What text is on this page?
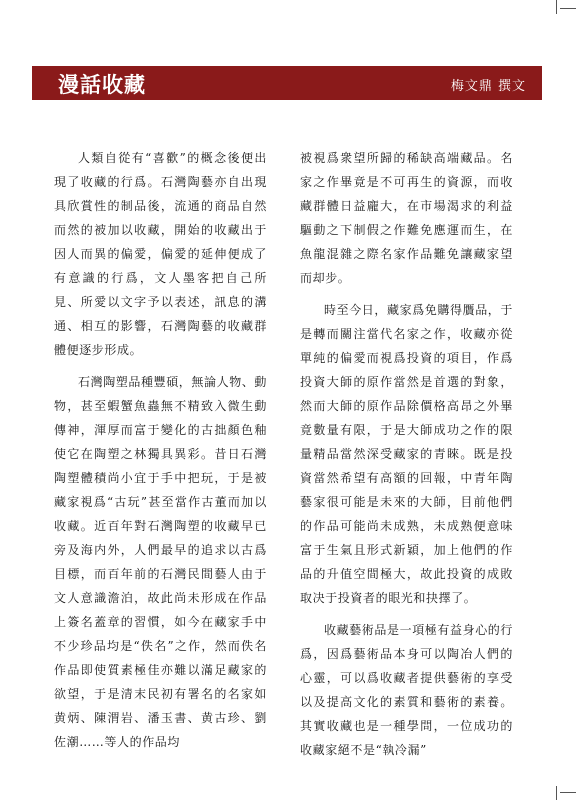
漫話收藏	梅文鼎 撰文

人類自從有“喜歡”的概念後便出現了收藏的行爲。石灣陶藝亦自出現具欣賞性的制品後，流通的商品自然而然的被加以收藏，開始的收藏出于因人而異的偏愛，偏愛的延伸便成了有意識的行爲，文人墨客把自己所見、所愛以文字予以表述，訊息的溝通、相互的影響，石灣陶藝的收藏群體便逐步形成。

石灣陶塑品種豐碩，無論人物、動物，甚至蝦蟹魚蟲無不精致入微生動傳神，渾厚而富于變化的古拙顏色釉使它在陶塑之林獨具異彩。昔日石灣陶塑體積尚小宜于手中把玩，于是被藏家視爲“古玩”甚至當作古董而加以收藏。近百年對石灣陶塑的收藏早已旁及海内外，人們最早的追求以古爲目標，而百年前的石灣民間藝人由于文人意識澹泊，故此尚未形成在作品上簽名蓋章的習慣，如今在藏家手中不少珍品均是“佚名”之作，然而佚名作品即使質素極佳亦難以滿足藏家的欲望，于是清末民初有署名的名家如黄炳、陳渭岩、潘玉書、黄古珍、劉佐潮……等人的作品均

被視爲衆望所歸的稀缺高端藏品。名家之作畢竟是不可再生的資源，而收藏群體日益龐大，在市場渴求的利益驅動之下制假之作難免應運而生，在魚龍混雜之際名家作品難免讓藏家望而却步。

時至今日，藏家爲免購得贋品，于是轉而關注當代名家之作，收藏亦從單純的偏愛而視爲投資的項目，作爲投資大師的原作當然是首選的對象，然而大師的原作品除價格高昂之外畢竟數量有限，于是大師成功之作的限量精品當然深受藏家的青睞。既是投資當然希望有高額的回報，中青年陶藝家很可能是未來的大師，目前他們的作品可能尚未成熟，未成熟便意味富于生氣且形式新穎，加上他們的作品的升值空間極大，故此投資的成敗取决于投資者的眼光和抉擇了。

收藏藝術品是一項極有益身心的行爲，因爲藝術品本身可以陶冶人們的心靈，可以爲收藏者提供藝術的享受以及提高文化的素質和藝術的素養。其實收藏也是一種學問，一位成功的收藏家絕不是“執冷漏”
